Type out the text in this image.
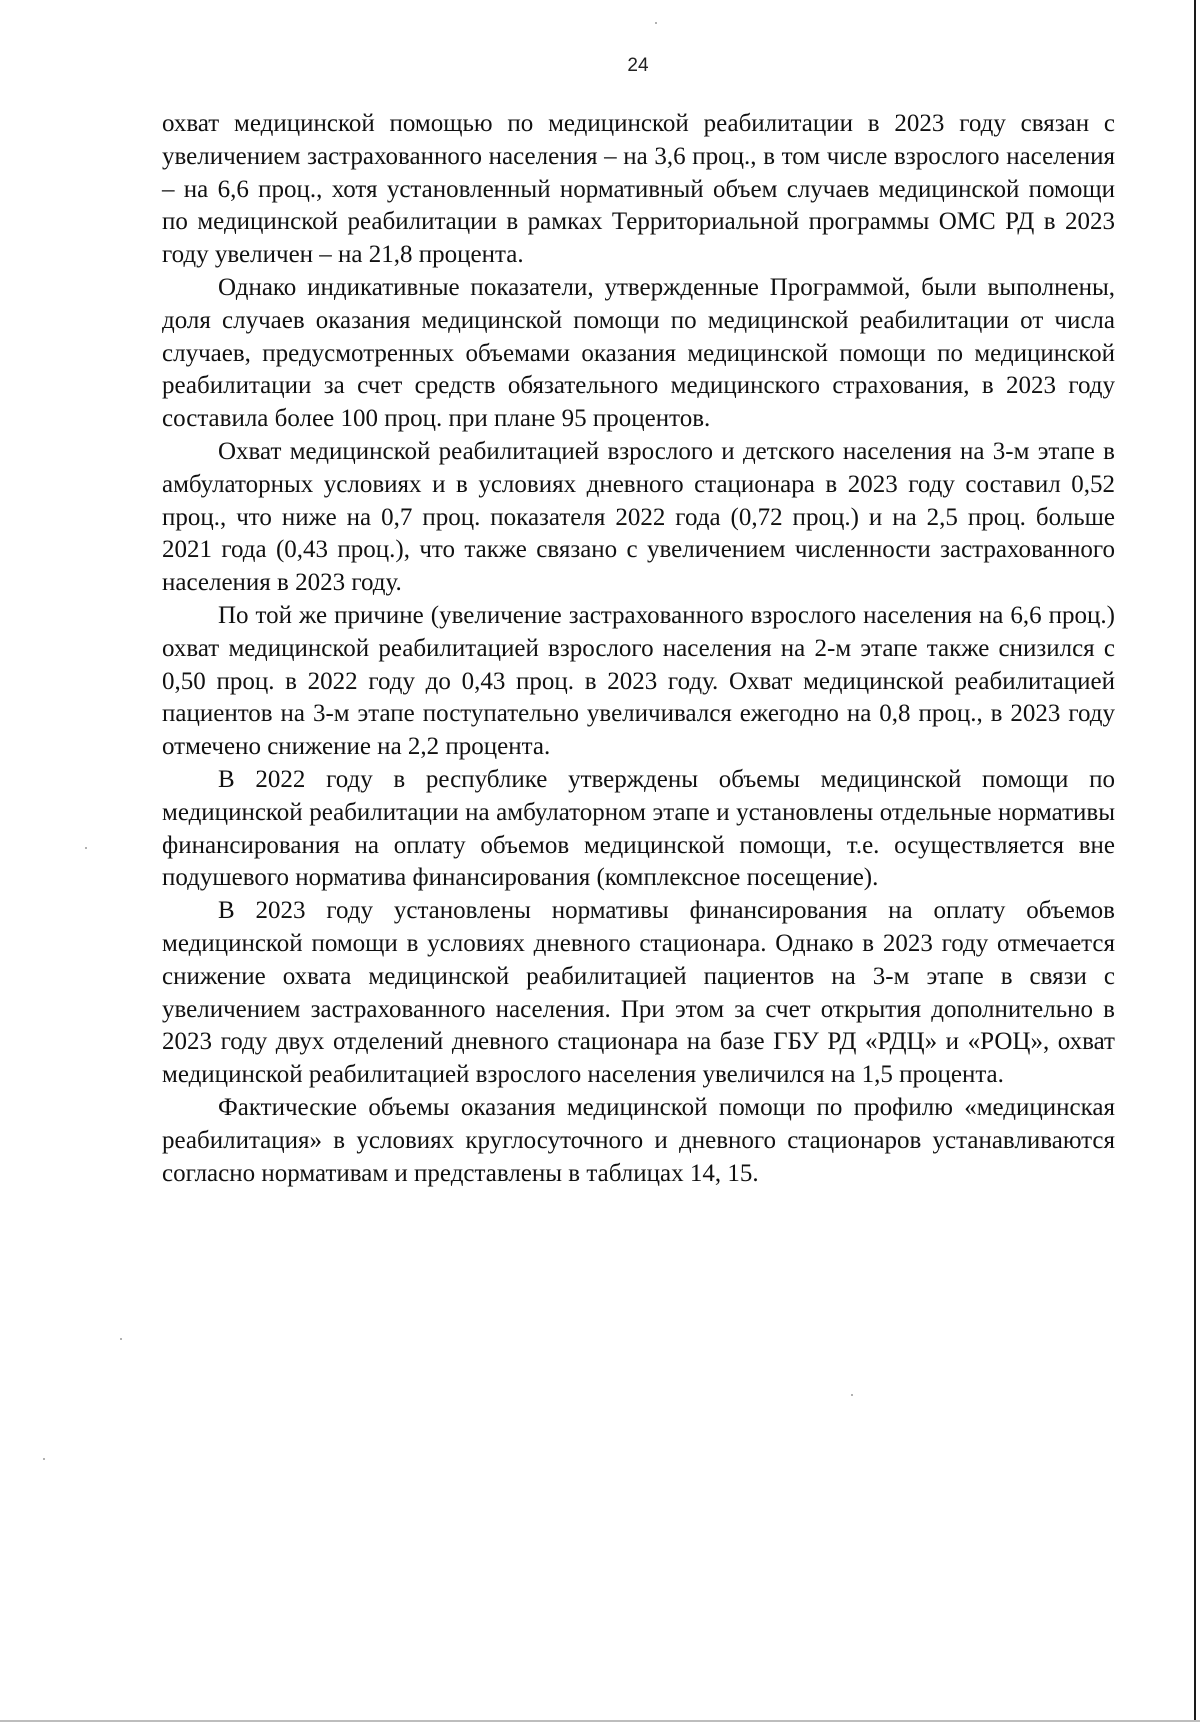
24

охват медицинской помощью по медицинской реабилитации в 2023 году связан с увеличением застрахованного населения – на 3,6 проц., в том числе взрослого населения – на 6,6 проц., хотя установленный нормативный объем случаев медицинской помощи по медицинской реабилитации в рамках Территориальной программы ОМС РД в 2023 году увеличен – на 21,8 процента.

Однако индикативные показатели, утвержденные Программой, были выполнены, доля случаев оказания медицинской помощи по медицинской реабилитации от числа случаев, предусмотренных объемами оказания медицинской помощи по медицинской реабилитации за счет средств обязательного медицинского страхования, в 2023 году составила более 100 проц. при плане 95 процентов.

Охват медицинской реабилитацией взрослого и детского населения на 3-м этапе в амбулаторных условиях и в условиях дневного стационара в 2023 году составил 0,52 проц., что ниже на 0,7 проц. показателя 2022 года (0,72 проц.) и на 2,5 проц. больше 2021 года (0,43 проц.), что также связано с увеличением численности застрахованного населения в 2023 году.

По той же причине (увеличение застрахованного взрослого населения на 6,6 проц.) охват медицинской реабилитацией взрослого населения на 2-м этапе также снизился с 0,50 проц. в 2022 году до 0,43 проц. в 2023 году. Охват медицинской реабилитацией пациентов на 3-м этапе поступательно увеличивался ежегодно на 0,8 проц., в 2023 году отмечено снижение на 2,2 процента.

В 2022 году в республике утверждены объемы медицинской помощи по медицинской реабилитации на амбулаторном этапе и установлены отдельные нормативы финансирования на оплату объемов медицинской помощи, т.е. осуществляется вне подушевого норматива финансирования (комплексное посещение).

В 2023 году установлены нормативы финансирования на оплату объемов медицинской помощи в условиях дневного стационара. Однако в 2023 году отмечается снижение охвата медицинской реабилитацией пациентов на 3-м этапе в связи с увеличением застрахованного населения. При этом за счет открытия дополнительно в 2023 году двух отделений дневного стационара на базе ГБУ РД «РДЦ» и «РОЦ», охват медицинской реабилитацией взрослого населения увеличился на 1,5 процента.

Фактические объемы оказания медицинской помощи по профилю «медицинская реабилитация» в условиях круглосуточного и дневного стационаров устанавливаются согласно нормативам и представлены в таблицах 14, 15.
